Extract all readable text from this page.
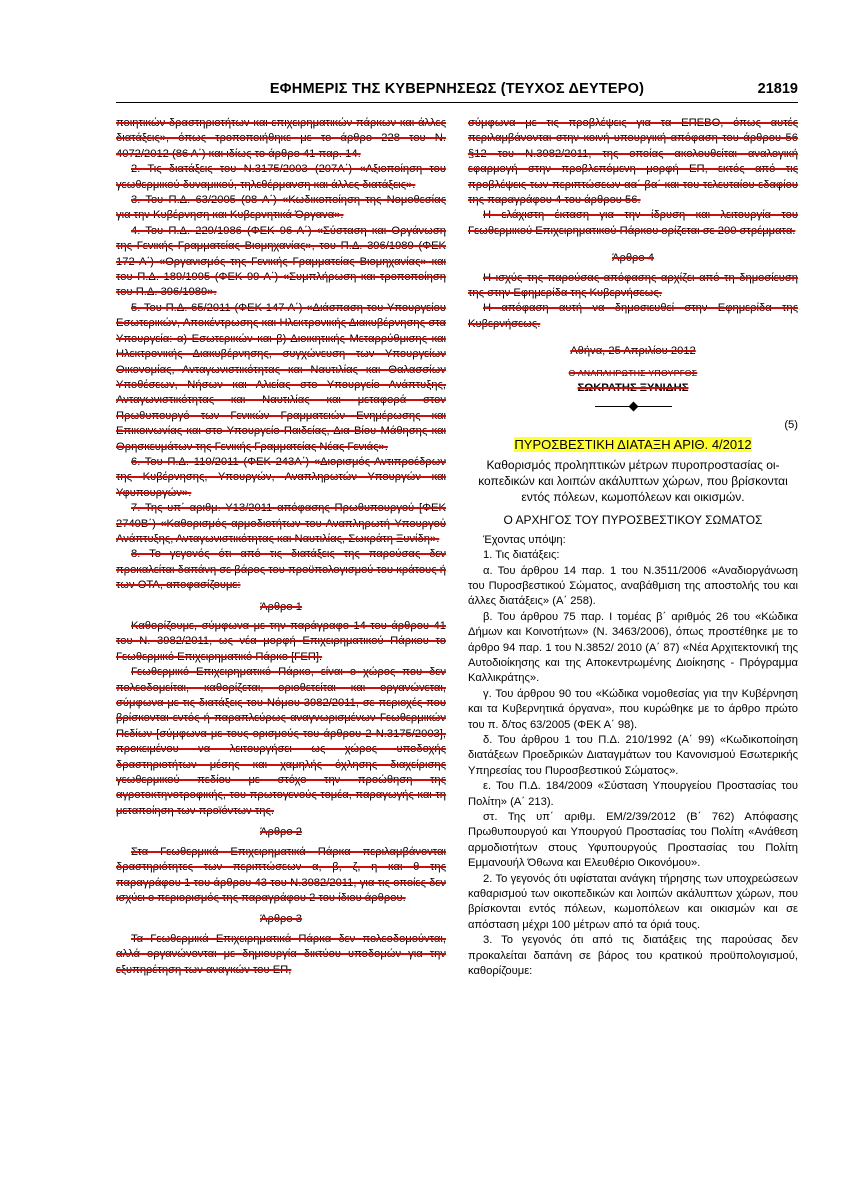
ΕΦΗΜΕΡΙΣ ΤΗΣ ΚΥΒΕΡΝΗΣΕΩΣ (ΤΕΥΧΟΣ ΔΕΥΤΕΡΟ)	21819

ποιητικών δραστηριοτήτων και επιχειρηματικών πάρκων και άλλες διατάξεις», όπως τροποποιήθηκε με το άρθρο 228 του Ν. 4072/2012 (86 Α΄) και ιδίως το άρθρο 41 παρ. 14.

2. Τις διατάξεις του Ν.3175/2003 (207Α΄) «Αξιοποίηση του γεωθερμικού δυναμικού, τηλεθέρμανση και άλλες διατάξεις».

3. Του Π.Δ. 63/2005 (98 Α΄) «Κωδικοποίηση της Νομοθεσίας για την Κυβέρνηση και Κυβερνητικά Όργανα».

4. Του Π.Δ. 229/1986 (ΦΕΚ 96 Α΄) «Σύσταση και Οργάνωση της Γενικής Γραμματείας Βιομηχανίας», του Π.Δ. 396/1989 (ΦΕΚ 172 Α΄) «Οργανισμός της Γενικής Γραμματείας Βιομηχανίας» και του Π.Δ. 189/1995 (ΦΕΚ 99 Α΄) «Συμπλήρωση και τροποποίηση του Π.Δ. 396/1989».

5. Του Π.Δ. 65/2011 (ΦΕΚ 147 Α΄) «Διάσπαση του Υπουργείου Εσωτερικών, Αποκέντρωσης και Ηλεκτρονικής Διακυβέρνησης στα Υπουργεία: α) Εσωτερικών και β) Διοικητικής Μεταρρύθμισης και Ηλεκτρονικής Διακυβέρνησης, συγχώνευση των Υπουργείων Οικονομίας, Ανταγωνιστικότητας και Ναυτιλίας και Θαλασσίων Υποθέσεων, Νήσων και Αλιείας στο Υπουργείο Ανάπτυξης, Ανταγωνιστικότητας και Ναυτιλίας και μεταφορά στον Πρωθυπουργό των Γενικών Γραμματειών Ενημέρωσης και Επικοινωνίας και στο Υπουργείο Παιδείας, Δια Βίου Μάθησης και Θρησκευμάτων της Γενικής Γραμματείας Νέας Γενιάς».

6. Του Π.Δ. 110/2011 (ΦΕΚ 243Α΄) «Διορισμός Αντιπροέδρων της Κυβέρνησης, Υπουργών, Αναπληρωτών Υπουργών και Υφυπουργών».

7. Της υπ΄ αριθμ. Υ13/2011 απόφασης Πρωθυπουργού [ΦΕΚ 2740Β΄) «Καθορισμός αρμοδιοτήτων του Αναπληρωτή Υπουργού Ανάπτυξης, Ανταγωνιστικότητας και Ναυτιλίας, Σωκράτη Ξυνίδη».

8. Το γεγονός ότι από τις διατάξεις της παρούσας δεν προκαλείται δαπάνη σε βάρος του προϋπολογισμού του κράτους ή των ΟΤΑ, αποφασίζουμε:

Άρθρο 1

Καθορίζουμε, σύμφωνα με την παράγραφο 14 του άρθρου 41 του Ν. 3982/2011, ως νέα μορφή Επιχειρηματικού Πάρκου το Γεωθερμικό Επιχειρηματικό Πάρκο [ΓΕΠ].

Γεωθερμικό Επιχειρηματικό Πάρκο, είναι ο χώρος που δεν πολεοδομείται, καθορίζεται, οριοθετείται και οργανώνεται, σύμφωνα με τις διατάξεις του Νόμου 3982/2011, σε περιοχές που βρίσκονται εντός ή παραπλεύρως αναγνωρισμένων Γεωθερμικών Πεδίων [σύμφωνα με τους ορισμούς του άρθρου 2 Ν.3175/2003], προκειμένου να λειτουργήσει ως χώρος υποδοχής δραστηριοτήτων μέσης και χαμηλής όχλησης διαχείρισης γεωθερμικού πεδίου με στόχο την προώθηση της αγροτοκτηνοτροφικής, του πρωτογενούς τομέα, παραγωγής και τη μεταποίηση των προϊόντων της.

Άρθρο 2

Στα Γεωθερμικά Επιχειρηματικά Πάρκα περιλαμβάνονται δραστηριότητες των περιπτώσεων α, β, ζ, η και θ της παραγράφου 1 του άρθρου 43 του Ν.3982/2011, για τις οποίες δεν ισχύει ο περιορισμός της παραγράφου 2 του ίδιου άρθρου.

Άρθρο 3

Τα Γεωθερμικά Επιχειρηματικά Πάρκα δεν πολεοδομούνται, αλλά οργανώνονται με δημιουργία δικτύου υποδομών για την εξυπηρέτηση των αναγκών του ΕΠ,

σύμφωνα με τις προβλέψεις για τα ΕΠΕΒΟ, όπως αυτές περιλαμβάνονται στην κοινή υπουργική απόφαση του άρθρου 56 §12 του Ν.3982/2011, της οποίας ακολουθείται αναλογική εφαρμογή στην προβλεπόμενη μορφή ΕΠ, εκτός από τις προβλέψεις των περιπτώσεων αα΄ βα΄ και του τελευταίου εδαφίου της παραγράφου 4 του άρθρου 56.

Η ελάχιστη έκταση για την ίδρυση και λειτουργία του Γεωθερμικού Επιχειρηματικού Πάρκου ορίζεται σε 200 στρέμματα.

Άρθρο 4

Η ισχύς της παρούσας απόφασης αρχίζει από τη δημοσίευση της στην Εφημερίδα της Κυβερνήσεως.

Η απόφαση αυτή να δημοσιευθεί στην Εφημερίδα της Κυβερνήσεως.

Αθήνα, 25 Απριλίου 2012

Ο ΑΝΑΠΛΗΡΩΤΗΣ ΥΠΟΥΡΓΟΣ

ΣΩΚΡΑΤΗΣ ΞΥΝΙΔΗΣ

(5)

ΠΥΡΟΣΒΕΣΤΙΚΗ ΔΙΑΤΑΞΗ ΑΡΙΘ. 4/2012

Καθορισμός προληπτικών μέτρων πυροπροστασίας οικοπεδικών και λοιπών ακάλυπτων χώρων, που βρίσκονται εντός πόλεων, κωμοπόλεων και οικισμών.

Ο ΑΡΧΗΓΟΣ ΤΟΥ ΠΥΡΟΣΒΕΣΤΙΚΟΥ ΣΩΜΑΤΟΣ

Έχοντας υπόψη:

1. Τις διατάξεις:

α. Του άρθρου 14 παρ. 1 του Ν.3511/2006 «Αναδιοργάνωση του Πυροσβεστικού Σώματος, αναβάθμιση της αποστολής του και άλλες διατάξεις» (Α΄ 258).

β. Του άρθρου 75 παρ. Ι τομέας β΄ αριθμός 26 του «Κώδικα Δήμων και Κοινοτήτων» (Ν. 3463/2006), όπως προστέθηκε με το άρθρο 94 παρ. 1 του Ν.3852/ 2010 (Α΄ 87) «Νέα Αρχιτεκτονική της Αυτοδιοίκησης και της Αποκεντρωμένης Διοίκησης - Πρόγραμμα Καλλικράτης».

γ. Του άρθρου 90 του «Κώδικα νομοθεσίας για την Κυβέρνηση και τα Κυβερνητικά όργανα», που κυρώθηκε με το άρθρο πρώτο του π. δ/τος 63/2005 (ΦΕΚ Α΄ 98).

δ. Του άρθρου 1 του Π.Δ. 210/1992 (Α΄ 99) «Κωδικοποίηση διατάξεων Προεδρικών Διαταγμάτων του Κανονισμού Εσωτερικής Υπηρεσίας του Πυροσβεστικού Σώματος».

ε. Του Π.Δ. 184/2009 «Σύσταση Υπουργείου Προστασίας του Πολίτη» (Α΄ 213).

στ. Της υπ΄ αριθμ. ΕΜ/2/39/2012 (Β΄ 762) Απόφασης Πρωθυπουργού και Υπουργού Προστασίας του Πολίτη «Ανάθεση αρμοδιοτήτων στους Υφυπουργούς Προστασίας του Πολίτη Εμμανουήλ Όθωνα και Ελευθέριο Οικονόμου».

2. Το γεγονός ότι υφίσταται ανάγκη τήρησης των υποχρεώσεων καθαρισμού των οικοπεδικών και λοιπών ακάλυπτων χώρων, που βρίσκονται εντός πόλεων, κωμοπόλεων και οικισμών και σε απόσταση μέχρι 100 μέτρων από τα όριά τους.

3. Το γεγονός ότι από τις διατάξεις της παρούσας δεν προκαλείται δαπάνη σε βάρος του κρατικού προϋπολογισμού, καθορίζουμε:
